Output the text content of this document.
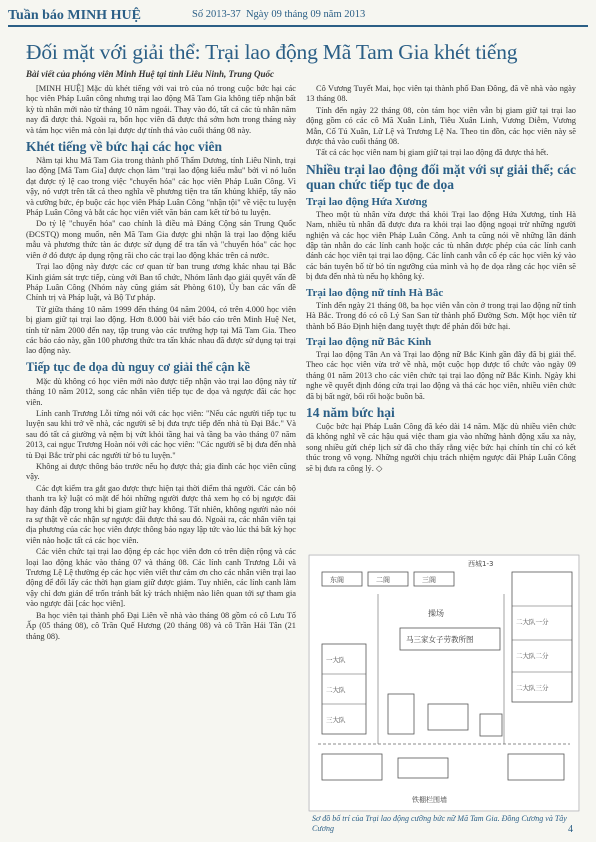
Tuần báo MINH HUỆ	Số 2013-37 Ngày 09 tháng 09 năm 2013
Đối mặt với giải thể: Trại lao động Mã Tam Gia khét tiếng
Bài viết của phóng viên Minh Huệ tại tỉnh Liêu Ninh, Trung Quốc

[MINH HUỆ] Mặc dù khét tiếng với vai trò của nó trong cuộc bức hại các học viên Pháp Luân công nhưng trại lao động Mã Tam Gia không tiếp nhận bất kỳ tù nhân mới nào từ tháng 10 năm ngoái. Thay vào đó, tất cả các tù nhân năm nay đã được thả. Ngoài ra, bốn học viên đã được thả sớm hơn trong tháng này và tám học viên mà còn lại được dự tính thả vào cuối tháng 08 này.

Khét tiếng về bức hại các học viên

Nằm tại khu Mã Tam Gia trong thành phố Thẩm Dương, tỉnh Liêu Ninh, trại lao động [Mã Tam Gia] được chọn làm "trại lao động kiểu mẫu" bởi vì nó luôn đạt được tỷ lệ cao trong việc "chuyển hóa" các học viên Pháp Luân Công. Vì vậy, nó vượt trên tất cả theo nghĩa về phương tiện tra tấn khủng khiếp, tẩy não và cưỡng bức, ép buộc các học viên Pháp Luân Công "nhận tội" về việc tu luyện Pháp Luân Công và bắt các học viên viết văn bản cam kết từ bỏ tu luyện.

Do tỷ lệ "chuyển hóa" cao chính là điều mà Đảng Cộng sản Trung Quốc (ĐCSTQ) mong muốn, nên Mã Tam Gia được ghi nhận là trại lao động kiểu mẫu và phương thức tàn ác được sử dụng để tra tấn và "chuyển hóa" các học viên ở đó được áp dụng rộng rãi cho các trại lao động khác trên cả nước.

Trại lao động này được các cơ quan từ ban trung ương khác nhau tại Bắc Kinh giám sát trực tiếp, cùng với Ban tổ chức, Nhóm lãnh đạo giải quyết vấn đề Pháp Luân Công (Nhóm này cũng giám sát Phòng 610), Ủy ban các vấn đề Chính trị và Pháp luật, và Bộ Tư pháp.

Từ giữa tháng 10 năm 1999 đến tháng 04 năm 2004, có trên 4.000 học viên bị giam giữ tại trại lao động. Hơn 8.000 bài viết báo cáo trên Minh Huệ Net, tính từ năm 2000 đến nay, tập trung vào các trường hợp tại Mã Tam Gia. Theo các báo cáo này, gần 100 phương thức tra tấn khác nhau đã được sử dụng tại trại lao động này.

Tiếp tục đe dọa dù nguy cơ giải thể cận kề

Mặc dù không có học viên mới nào được tiếp nhận vào trại lao động này từ tháng 10 năm 2012, song các nhân viên tiếp tục đe dọa và ngược đãi các học viên.

Lính canh Trương Lỗi từng nói với các học viên: "Nếu các người tiếp tục tu luyện sau khi trở về nhà, các người sẽ bị đưa trực tiếp đến nhà tù Đại Bắc." Và sau đó tất cả giường và nệm bị vứt khỏi tầng hai và tầng ba vào tháng 07 năm 2013, cai ngục Trương Hoàn nói với các học viên: "Các người sẽ bị đưa đến nhà tù Đại Bắc trừ phi các người từ bỏ tu luyện."

Không ai được thông báo trước nếu họ được thả; gia đình các học viên cũng vậy.

Các đợt kiểm tra gắt gao được thực hiện tại thời điểm thả người. Các cán bộ thanh tra kỹ luật có mặt để hỏi những người được thả xem họ có bị ngược đãi hay đánh đập trong khi bị giam giữ hay không. Tất nhiên, không người nào nói ra sự thật về các nhận sự ngược đãi được thả sau đó. Ngoài ra, các nhân viên tại địa phương của các học viên được thông báo ngay lập tức vào lúc thả bất kỳ học viên nào hoặc tất cả các học viên.

Các viên chức tại trại lao động ép các học viên đơn có trên diện rộng và các loại lao động khác vào tháng 07 và tháng 08. Các lính canh Trương Lỗi và Trương Lệ Lệ thường ép các học viên viết thư cảm ơn cho các nhân viên trại lao động để đổi lấy các thời hạn giam giữ được giảm. Tuy nhiên, các lính canh làm vậy chỉ đơn giản để trốn tránh bất kỳ trách nhiệm nào liên quan tới sự tham gia vào ngược đãi [các học viên].

Ba học viên tại thành phố Đại Liên về nhà vào tháng 08 gồm có cô Lưu Tố Ấp (05 tháng 08), cô Trần Quế Hương (20 tháng 08) và cô Trần Hải Tân (21 tháng 08).

Cô Vương Tuyết Mai, học viên tại thành phố Đan Đông, đã về nhà vào ngày 13 tháng 08.

Tính đến ngày 22 tháng 08, còn tám học viên vẫn bị giam giữ tại trại lao động gồm có các cô Mã Xuân Linh, Tiêu Xuân Linh, Vương Diễm, Vương Mẫn, Cố Tú Xuân, Lữ Lệ và Trương Lệ Na. Theo tin đồn, các học viên này sẽ được thả vào cuối tháng 08.

Tất cả các học viên nam bị giam giữ tại trại lao động đã được thả hết.

Nhiều trại lao động đối mặt với sự giải thể; các quan chức tiếp tục đe dọa
Trại lao động Hứa Xương

Theo một tù nhân vừa được thả khỏi Trại lao động Hứa Xương, tỉnh Hà Nam, nhiều tù nhân đã được đưa ra khỏi trại lao động ngoại trừ những người nghiện và các học viên Pháp Luân Công. Anh ta cũng nói về những lần đánh đập tàn nhẫn do các lính canh hoặc các tù nhân được phép của các lính canh đánh các học viên tại trại lao động. Các lính canh vẫn cố ép các học viên ký vào các bản tuyên bố từ bỏ tín ngưỡng của mình và họ đe dọa rằng các học viên sẽ bị đưa đến nhà tù nếu họ không ký.

Trại lao động nữ tỉnh Hà Bắc

Tính đến ngày 21 tháng 08, ba học viên vẫn còn ở trong trại lao động nữ tỉnh Hà Bắc. Trong đó có cô Lý San San từ thành phố Đường Sơn. Một học viên từ thành bố Bảo Định hiện đang tuyệt thực để phản đối bức hại.

Trại lao động nữ Bắc Kinh

Trại lao động Tân An và Trại lao động nữ Bắc Kinh gần đây đã bị giải thể. Theo các học viên vừa trở về nhà, một cuộc họp được tổ chức vào ngày 09 tháng 01 năm 2013 cho các viên chức tại trại lao động nữ Bắc Kinh. Ngày khi nghe về quyết định đóng cửa trại lao động và thả các học viên, nhiều viên chức đã bị bất ngờ, bối rối hoặc buồn bã.

14 năm bức hại

Cuộc bức hại Pháp Luân Công đã kéo dài 14 năm. Mặc dù nhiều viên chức đã không nghĩ về các hậu quả việc tham gia vào những hành động xấu xa này, song nhiều gửi chép lịch sử đã cho thấy rằng việc bức hại chính tín chỉ có kết thúc trong vô vọng. Những người chịu trách nhiệm ngược đãi Pháp Luân Công sẽ bị đưa ra công lý. ◇

西城1-3
东阁	二阁	三阁
二大队一分
二大队二分
二大队三分
操场
马三家女子劳教所图
一大队
二大队
三大队
铁棚栏围墙
Sơ đồ bố trí của Trại lao động cưỡng bức nữ Mã Tam Gia. Đồng Cương và Tây Cương	4
